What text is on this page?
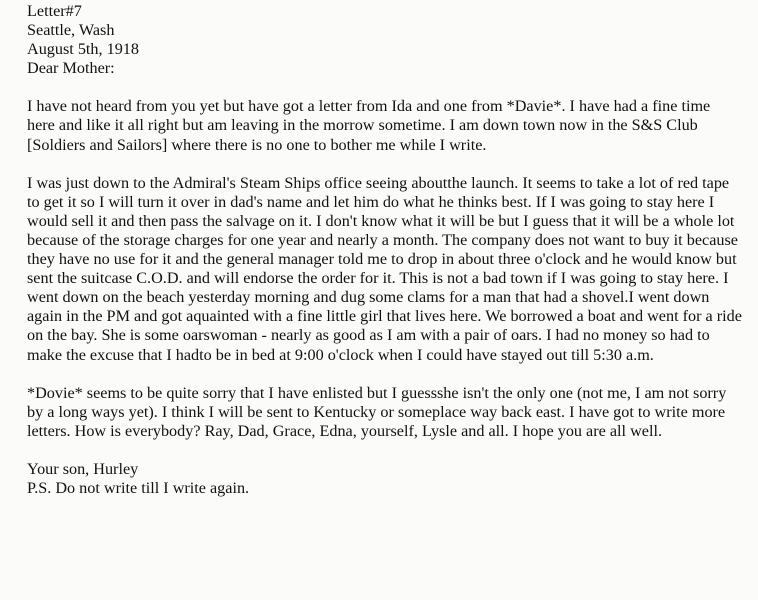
Letter#7
Seattle, Wash
August 5th, 1918
Dear Mother:

I have not heard from you yet but have got a letter from Ida and one from *Davie*. I have had a fine time here and like it all right but am leaving in the morrow sometime. I am down town now in the S&S Club [Soldiers and Sailors] where there is no one to bother me while I write.

I was just down to the Admiral's Steam Ships office seeing aboutthe launch. It seems to take a lot of red tape to get it so I will turn it over in dad's name and let him do what he thinks best. If I was going to stay here I would sell it and then pass the salvage on it. I don't know what it will be but I guess that it will be a whole lot because of the storage charges for one year and nearly a month. The company does not want to buy it because they have no use for it and the general manager told me to drop in about three o'clock and he would know but sent the suitcase C.O.D. and will endorse the order for it. This is not a bad town if I was going to stay here. I went down on the beach yesterday morning and dug some clams for a man that had a shovel.I went down again in the PM and got aquainted with a fine little girl that lives here. We borrowed a boat and went for a ride on the bay. She is some oarswoman - nearly as good as I am with a pair of oars. I had no money so had to make the excuse that I hadto be in bed at 9:00 o'clock when I could have stayed out till 5:30 a.m.

*Dovie* seems to be quite sorry that I have enlisted but I guessshe isn't the only one (not me, I am not sorry by a long ways yet). I think I will be sent to Kentucky or someplace way back east. I have got to write more letters. How is everybody? Ray, Dad, Grace, Edna, yourself, Lysle and all. I hope you are all well.

Your son, Hurley
P.S. Do not write till I write again.
